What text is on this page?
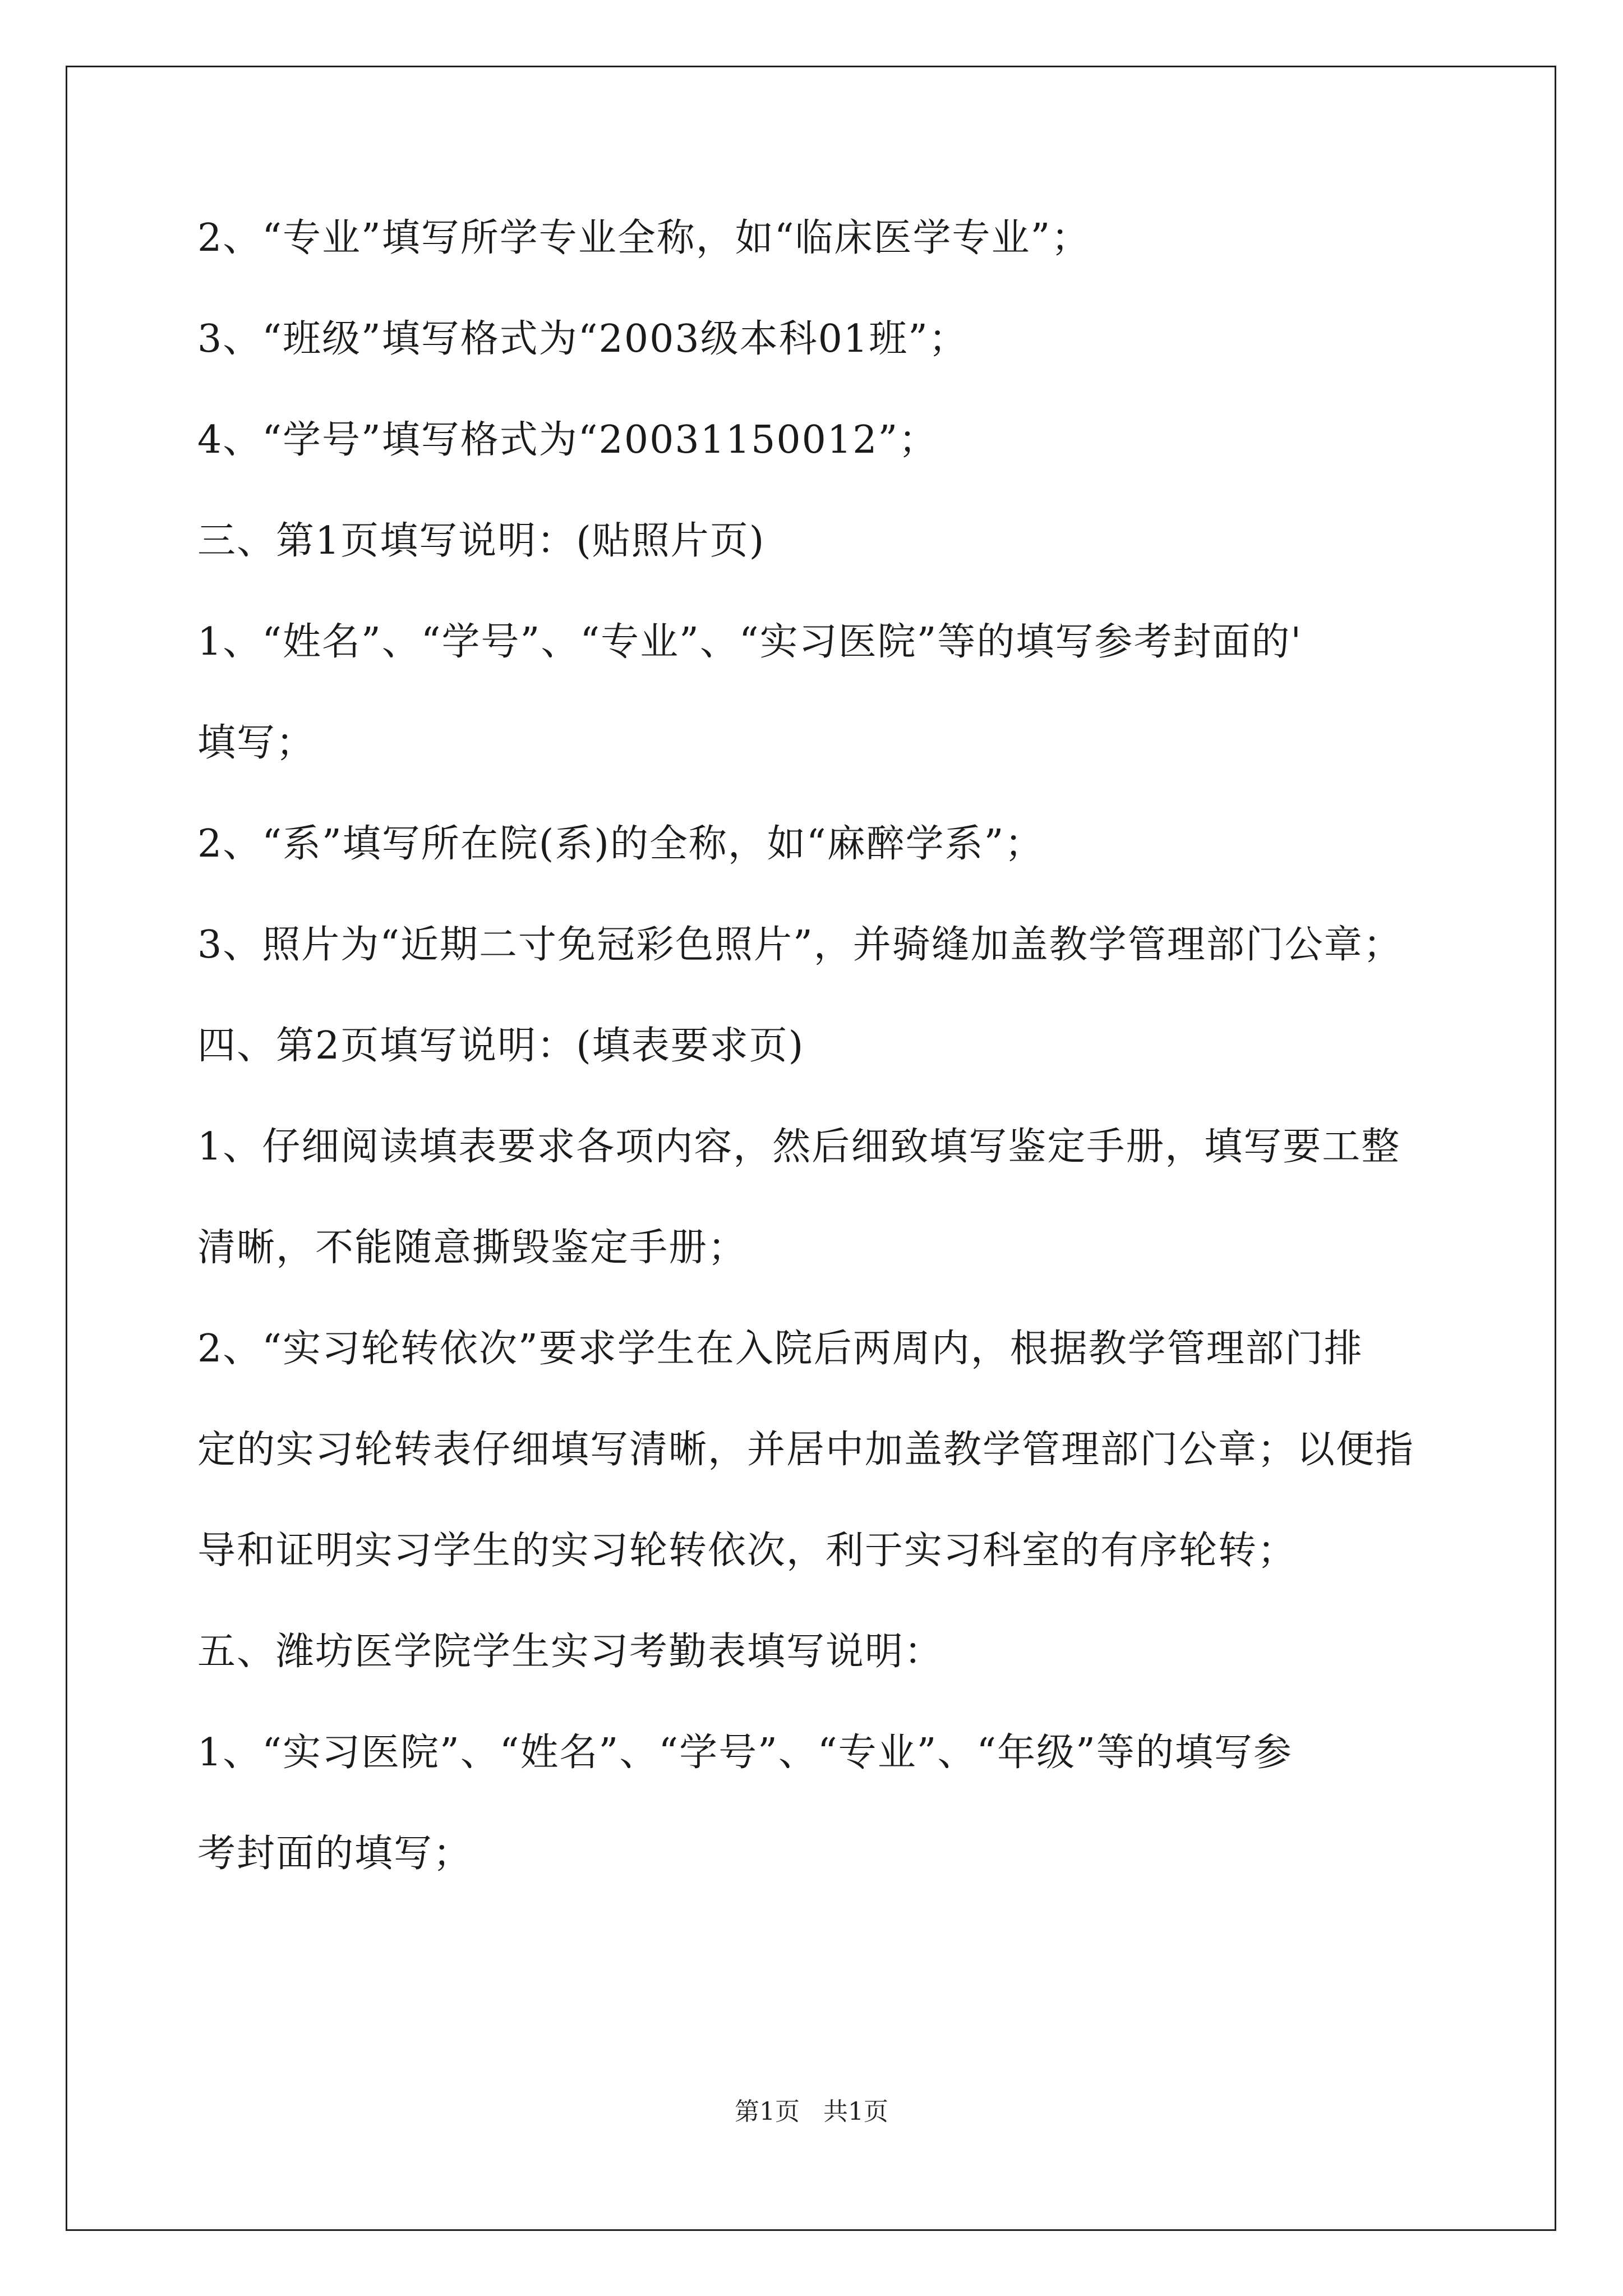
2、“专业”填写所学专业全称，如“临床医学专业”；
3、“班级”填写格式为“2003级本科01班”；
4、“学号”填写格式为“20031150012”；
三、第1页填写说明：(贴照片页)
1、“姓名”、“学号”、“专业”、“实习医院”等的填写参考封面的'
填写；
2、“系”填写所在院(系)的全称，如“麻醉学系”；
3、照片为“近期二寸免冠彩色照片”，并骑缝加盖教学管理部门公章；
四、第2页填写说明：(填表要求页)
1、仔细阅读填表要求各项内容，然后细致填写鉴定手册，填写要工整
清晰，不能随意撕毁鉴定手册；
2、“实习轮转依次”要求学生在入院后两周内，根据教学管理部门排
定的实习轮转表仔细填写清晰，并居中加盖教学管理部门公章；以便指
导和证明实习学生的实习轮转依次，利于实习科室的有序轮转；
五、潍坊医学院学生实习考勤表填写说明：
1、“实习医院”、“姓名”、“学号”、“专业”、“年级”等的填写参
考封面的填写；
第1页   共1页
